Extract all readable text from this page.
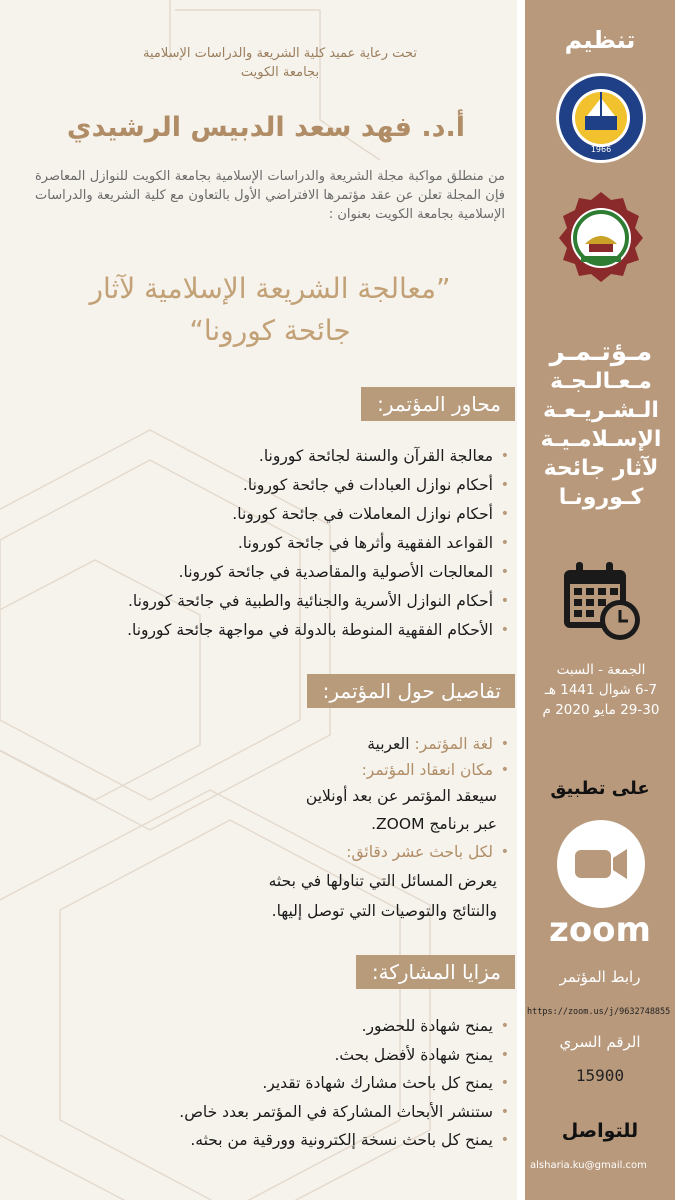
تحت رعاية عميد كلية الشريعة والدراسات الإسلامية
بجامعة الكويت
أ.د. فهد سعد الدبيس الرشيدي
من منطلق مواكبة مجلة الشريعة والدراسات الإسلامية بجامعة الكويت للنوازل المعاصرة فإن المجلة تعلن عن عقد مؤتمرها الافتراضي الأول بالتعاون مع كلية الشريعة والدراسات الإسلامية بجامعة الكويت بعنوان :
”معالجة الشريعة الإسلامية لآثار
جائحة كورونا“
محاور المؤتمر:
• معالجة القرآن والسنة لجائحة كورونا.
• أحكام نوازل العبادات في جائحة كورونا.
• أحكام نوازل المعاملات في جائحة كورونا.
• القواعد الفقهية وأثرها في جائحة كورونا.
• المعالجات الأصولية والمقاصدية في جائحة كورونا.
• أحكام النوازل الأسرية والجنائية والطبية في جائحة كورونا.
• الأحكام الفقهية المنوطة بالدولة في مواجهة جائحة كورونا.
تفاصيل حول المؤتمر:
• لغة المؤتمر: العربية
• مكان انعقاد المؤتمر:
سيعقد المؤتمر عن بعد أونلاين
عبر برنامج ZOOM.
• لكل باحث عشر دقائق:
يعرض المسائل التي تناولها في بحثه
والنتائج والتوصيات التي توصل إليها.
مزايا المشاركة:
• يمنح شهادة للحضور.
• يمنح شهادة لأفضل بحث.
• يمنح كل باحث مشارك شهادة تقدير.
• ستنشر الأبحاث المشاركة في المؤتمر بعدد خاص.
• يمنح كل باحث نسخة إلكترونية وورقية من بحثه.
تنظيم
1966
مـؤتـمـر
مـعـالـجـة
الـشـريـعـة
الإسـلامـيـة
لآثار جائحة
كـورونـا
الجمعة - السبت
6-7 شوال 1441 هـ
29-30 مايو 2020 م
على تطبيق
zoom
رابط المؤتمر
https://zoom.us/j/9632748855
الرقم السري
15900
للتواصل
alsharia.ku@gmail.com
